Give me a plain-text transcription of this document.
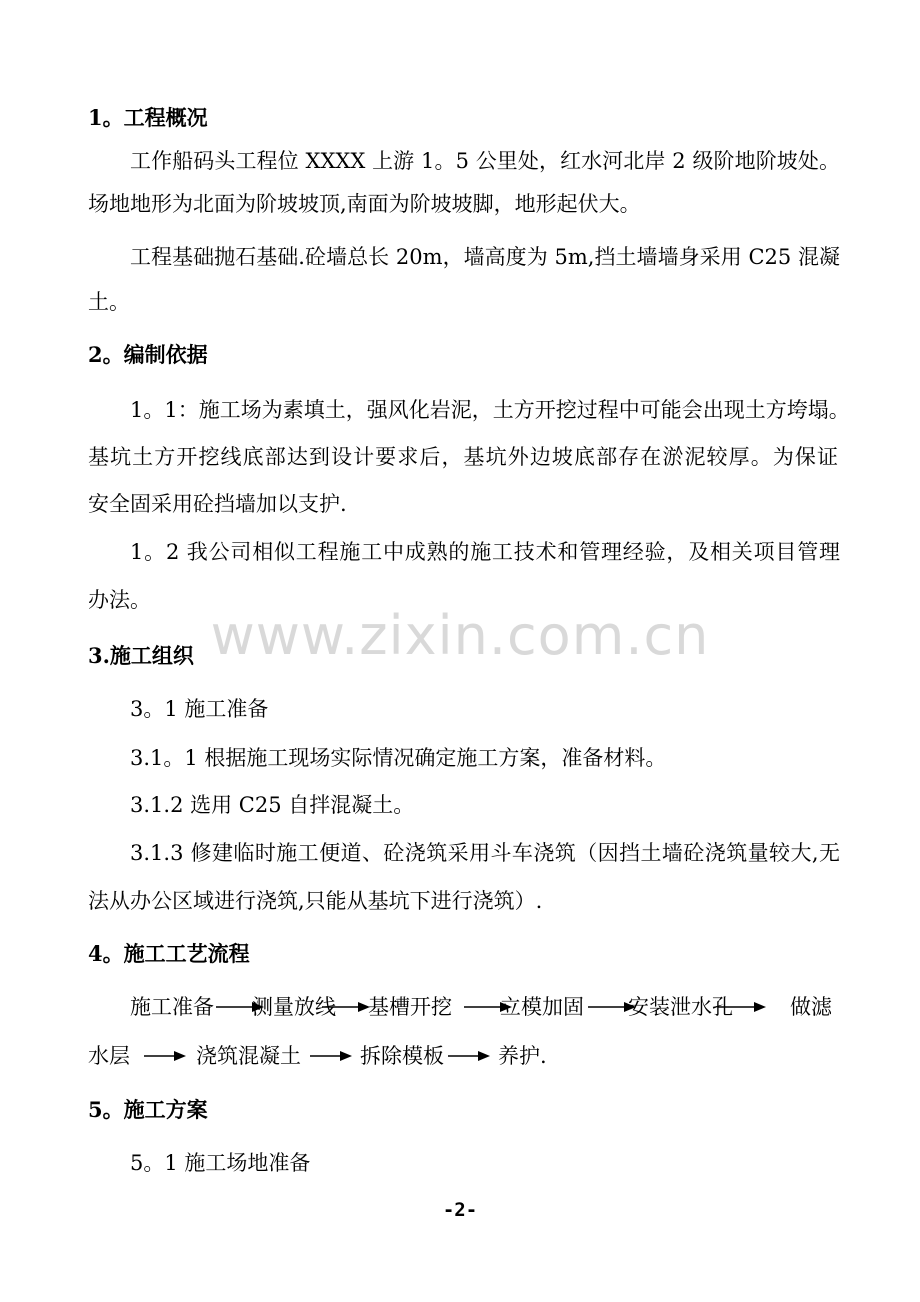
www.zixin.com.cn
1。工程概况
工作船码头工程位 XXXX 上游 1。5 公里处，红水河北岸 2 级阶地阶坡处。
场地地形为北面为阶坡坡顶,南面为阶坡坡脚，地形起伏大。
工程基础抛石基础.砼墙总长 20m，墙高度为 5m,挡土墙墙身采用 C25 混凝
土。
2。编制依据
1。1：施工场为素填土，强风化岩泥，土方开挖过程中可能会出现土方垮塌。
基坑土方开挖线底部达到设计要求后，基坑外边坡底部存在淤泥较厚。为保证
安全固采用砼挡墙加以支护.
1。2 我公司相似工程施工中成熟的施工技术和管理经验，及相关项目管理
办法。
3.施工组织
3。1 施工准备
3.1。1 根据施工现场实际情况确定施工方案，准备材料。
3.1.2 选用 C25 自拌混凝土。
3.1.3 修建临时施工便道、砼浇筑采用斗车浇筑（因挡土墙砼浇筑量较大,无
法从办公区域进行浇筑,只能从基坑下进行浇筑）.
4。施工工艺流程
施工准备 测量放线 基槽开挖 立模加固 安装泄水孔	做滤
水层	浇筑混凝土	拆除模板	养护.
5。施工方案
5。1 施工场地准备
-2-
